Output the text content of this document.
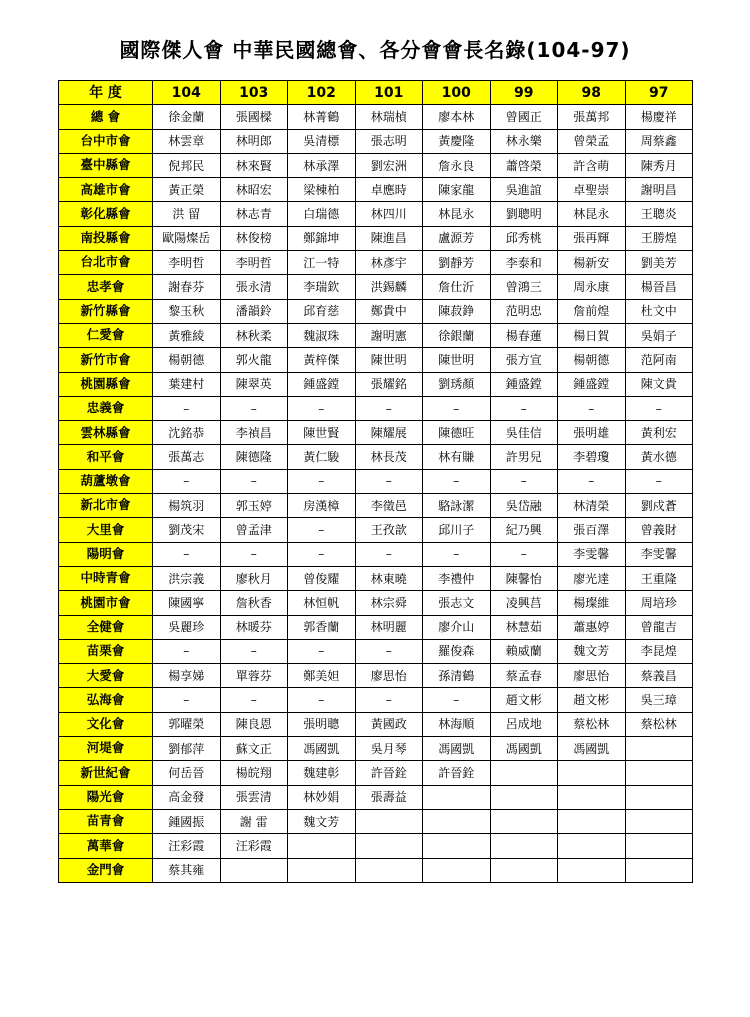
國際傑人會 中華民國總會、各分會會長名錄(104-97)
年 度	104	103	102	101	100	99	98	97
總 會	徐金蘭	張國樑	林菁鶴	林瑞楨	廖本林	曾國正	張萬邦	楊慶祥
台中市會	林雲章	林明郎	吳清標	張志明	黃慶隆	林永樂	曾榮孟	周蔡鑫
臺中縣會	倪邦民	林來賢	林承澤	劉宏洲	詹永良	蕭啓榮	許含萌	陳秀月
高雄市會	黃正榮	林昭宏	梁棟柏	卓應時	陳家龍	吳進誼	卓聖崇	謝明昌
彰化縣會	洪 留	林志青	白瑞德	林四川	林昆永	劉聰明	林昆永	王聰炎
南投縣會	歐陽燦岳	林俊榜	鄭錦坤	陳進昌	盧源芳	邱秀桃	張再輝	王勝煌
台北市會	李明哲	李明哲	江一特	林彥宇	劉靜芳	李泰和	楊新安	劉美芳
忠孝會	謝春芬	張永清	李瑞欽	洪錫麟	詹仕沂	曾鴻三	周永康	楊晉昌
新竹縣會	黎玉秋	潘韻鈴	邱育慈	鄭貴中	陳菽錚	范明忠	詹前煌	杜文中
仁愛會	黃雅綾	林秋柔	魏淑珠	謝明憲	徐銀蘭	楊春蓮	楊日賀	吳娟子
新竹市會	楊朝德	郭火龍	黃梓傑	陳世明	陳世明	張方宣	楊朝德	范阿南
桃園縣會	葉建村	陳翠英	鍾盛鏜	張耀銘	劉琇顏	鍾盛鏜	鍾盛鏜	陳文貴
忠義會	–	–	–	–	–	–	–	–
雲林縣會	沈銘恭	李禎昌	陳世賢	陳耀展	陳德旺	吳佳信	張明雄	黃利宏
和平會	張萬志	陳德隆	黃仁駿	林長茂	林有賺	許男兒	李碧瓊	黃水德
葫蘆墩會	–	–	–	–	–	–	–	–
新北市會	楊筑羽	郭玉婷	房漢樟	李徵邑	駱詠潔	吳岱融	林清榮	劉戍蒼
大里會	劉茂宋	曾孟津	–	王孜歆	邱川子	紀乃興	張百澤	曾義財
陽明會	–	–	–	–	–	–	李雯馨	李雯馨
中時青會	洪宗義	廖秋月	曾俊耀	林東曉	李禮仲	陳馨怡	廖光達	王重隆
桃園市會	陳國寧	詹秋香	林恒帆	林宗舜	張志文	凌興莒	楊璨維	周培珍
全健會	吳麗珍	林暖芬	郭香蘭	林明麗	廖介山	林慧茹	蕭惠婷	曾龍吉
苗栗會	–	–	–	–	羅俊森	賴威蘭	魏文芳	李昆煌
大愛會	楊享娣	單蓉芬	鄭美妲	廖思怡	孫清鶴	蔡孟春	廖思怡	蔡義昌
弘海會	–	–	–	–	–	趙文彬	趙文彬	吳三璋
文化會	郭曜榮	陳良恩	張明聰	黃國政	林海順	呂成地	蔡松林	蔡松林
河堤會	劉郁萍	蘇文正	馮國凱	吳月琴	馮國凱	馮國凱	馮國凱	
新世紀會	何岳晉	楊皖翔	魏建彰	許晉銓	許晉銓			
陽光會	高金發	張雲清	林妙娟	張壽益				
苗青會	鍾國振	謝 雷	魏文芳					
萬華會	汪彩霞	汪彩霞						
金門會	蔡其雍							
